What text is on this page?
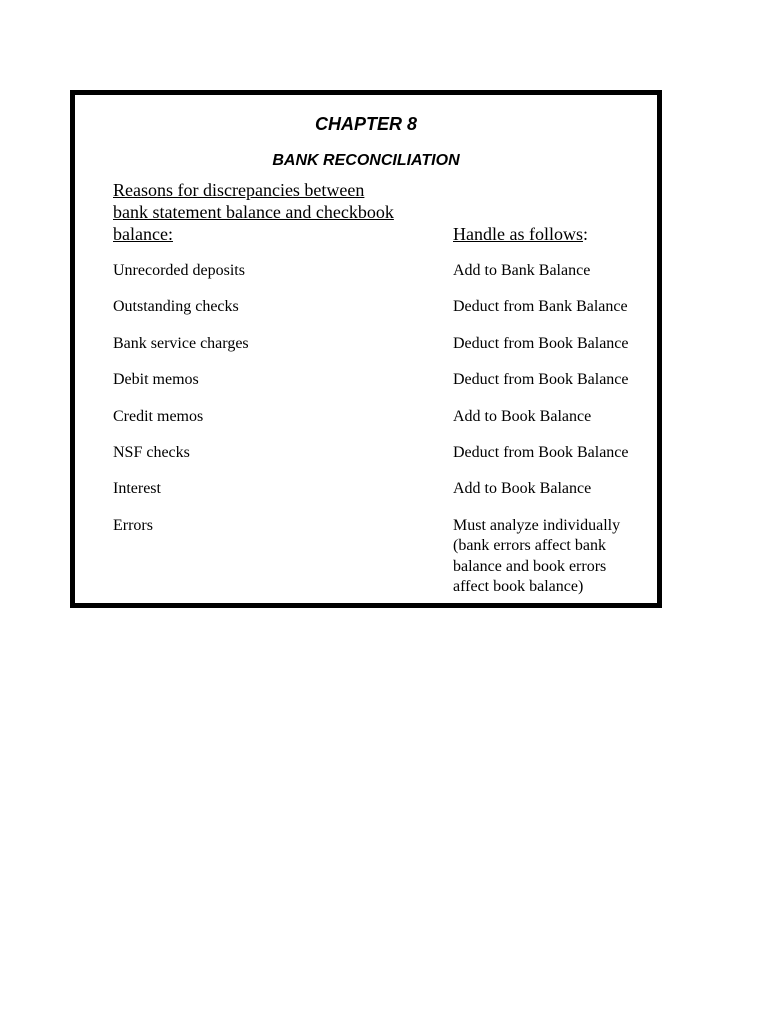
CHAPTER 8
BANK RECONCILIATION
Reasons for discrepancies between
bank statement balance and checkbook
balance:	Handle as follows:
Unrecorded deposits	Add to Bank Balance
Outstanding checks	Deduct from Bank Balance
Bank service charges	Deduct from Book Balance
Debit memos	Deduct from Book Balance
Credit memos	Add to Book Balance
NSF checks	Deduct from Book Balance
Interest	Add to Book Balance
Errors	Must analyze individually
(bank errors affect bank
balance and book errors
affect book balance)
